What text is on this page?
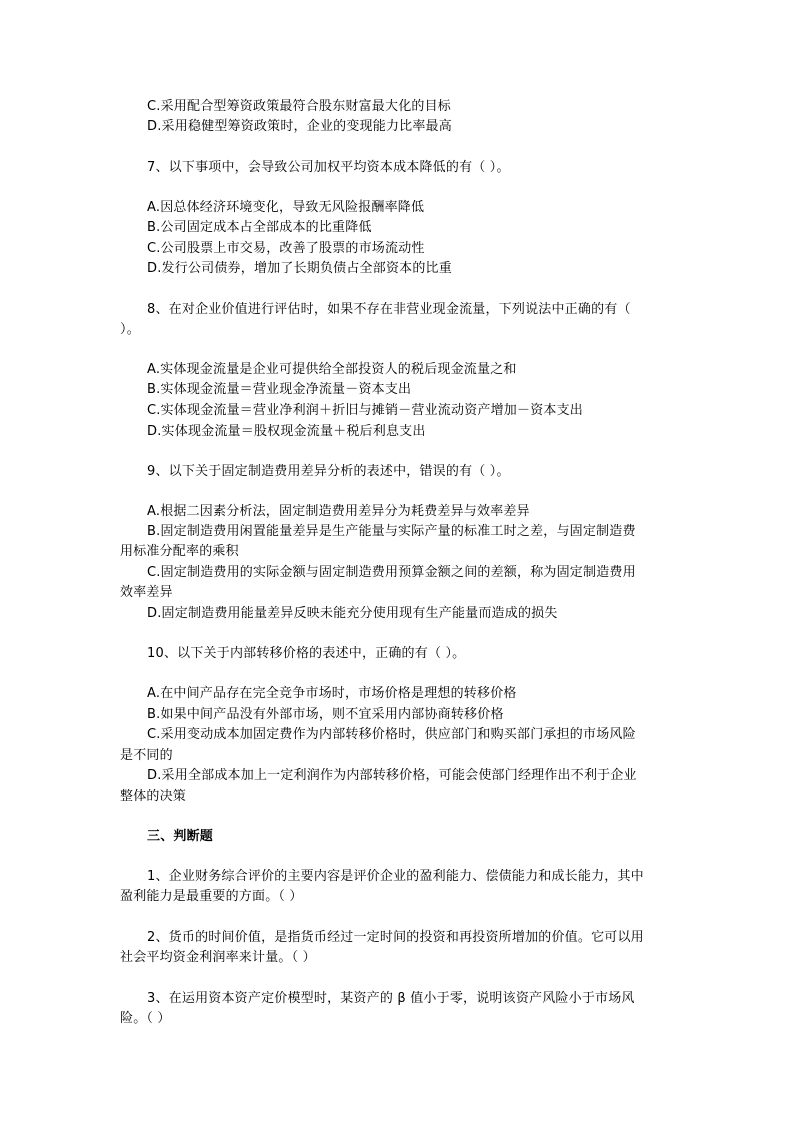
C.采用配合型筹资政策最符合股东财富最大化的目标
D.采用稳健型筹资政策时，企业的变现能力比率最高
7、以下事项中，会导致公司加权平均资本成本降低的有（ ）。
A.因总体经济环境变化，导致无风险报酬率降低
B.公司固定成本占全部成本的比重降低
C.公司股票上市交易，改善了股票的市场流动性
D.发行公司债券，增加了长期负债占全部资本的比重
8、在对企业价值进行评估时，如果不存在非营业现金流量，下列说法中正确的有（
）。
A.实体现金流量是企业可提供给全部投资人的税后现金流量之和
B.实体现金流量＝营业现金净流量－资本支出
C.实体现金流量＝营业净利润＋折旧与摊销－营业流动资产增加－资本支出
D.实体现金流量＝股权现金流量＋税后利息支出
9、以下关于固定制造费用差异分析的表述中，错误的有（ ）。
A.根据二因素分析法，固定制造费用差异分为耗费差异与效率差异
B.固定制造费用闲置能量差异是生产能量与实际产量的标准工时之差，与固定制造费
用标准分配率的乘积
C.固定制造费用的实际金额与固定制造费用预算金额之间的差额，称为固定制造费用
效率差异
D.固定制造费用能量差异反映未能充分使用现有生产能量而造成的损失
10、以下关于内部转移价格的表述中，正确的有（ ）。
A.在中间产品存在完全竞争市场时，市场价格是理想的转移价格
B.如果中间产品没有外部市场，则不宜采用内部协商转移价格
C.采用变动成本加固定费作为内部转移价格时，供应部门和购买部门承担的市场风险
是不同的
D.采用全部成本加上一定利润作为内部转移价格，可能会使部门经理作出不利于企业
整体的决策
三、判断题
1、企业财务综合评价的主要内容是评价企业的盈利能力、偿债能力和成长能力，其中
盈利能力是最重要的方面。（ ）
2、货币的时间价值，是指货币经过一定时间的投资和再投资所增加的价值。它可以用
社会平均资金利润率来计量。（ ）
3、在运用资本资产定价模型时，某资产的 β 值小于零，说明该资产风险小于市场风
险。（ ）
